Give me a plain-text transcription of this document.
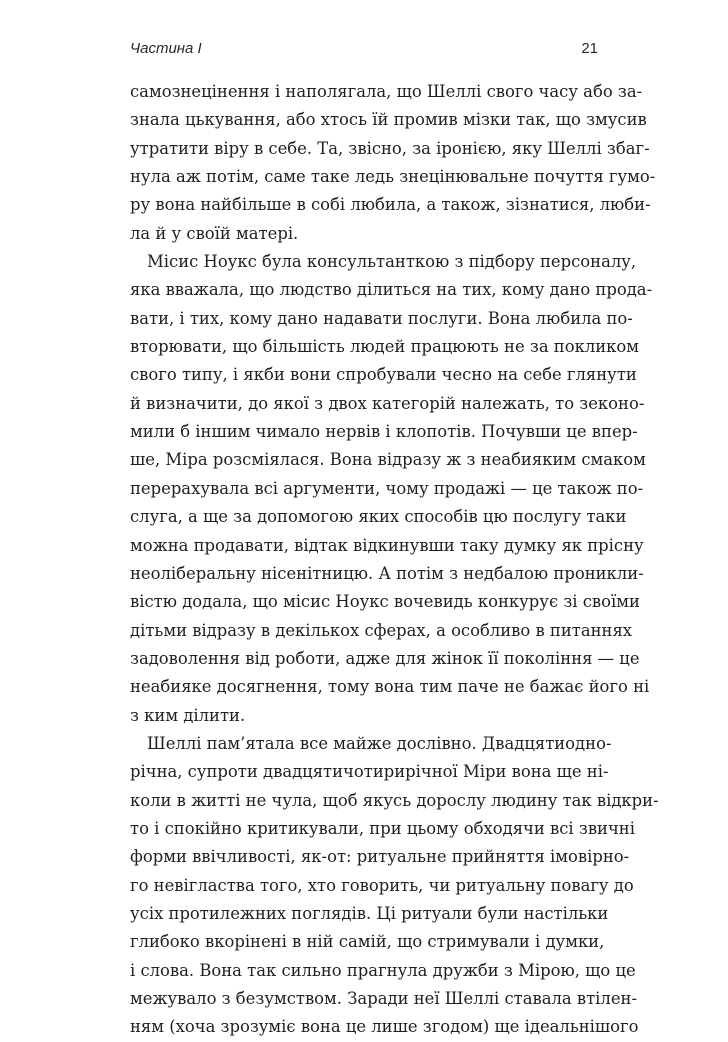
Частина І	21
самознецінення і наполягала, що Шеллі свого часу або за-
знала цькування, або хтось їй промив мізки так, що змусив
утратити віру в себе. Та, звісно, за іронією, яку Шеллі збаг-
нула аж потім, саме таке ледь знецінювальне почуття гумо-
ру вона найбільше в собі любила, а також, зізнатися, люби-
ла й у своїй матері.
Місис Ноукс була консультанткою з підбору персоналу,
яка вважала, що людство ділиться на тих, кому дано прода-
вати, і тих, кому дано надавати послуги. Вона любила по-
вторювати, що більшість людей працюють не за покликом
свого типу, і якби вони спробували чесно на себе глянути
й визначити, до якої з двох категорій належать, то зеконо-
мили б іншим чимало нервів і клопотів. Почувши це впер-
ше, Міра розсміялася. Вона відразу ж з неабияким смаком
перерахувала всі аргументи, чому продажі — це також по-
слуга, а ще за допомогою яких способів цю послугу таки
можна продавати, відтак відкинувши таку думку як прісну
неоліберальну нісенітницю. А потім з недбалою проникли-
вістю додала, що місис Ноукс вочевидь конкурує зі своїми
дітьми відразу в декількох сферах, а особливо в питаннях
задоволення від роботи, адже для жінок її покоління — це
неабияке досягнення, тому вона тим паче не бажає його ні
з ким ділити.
Шеллі пам’ятала все майже дослівно. Двадцятиодно-
річна, супроти двадцятичотирирічної Міри вона ще ні-
коли в житті не чула, щоб якусь дорослу людину так відкри-
то і спокійно критикували, при цьому обходячи всі звичні
форми ввічливості, як-от: ритуальне прийняття імовірно-
го невігластва того, хто говорить, чи ритуальну повагу до
усіх протилежних поглядів. Ці ритуали були настільки
глибоко вкорінені в ній самій, що стримували і думки,
і слова. Вона так сильно прагнула дружби з Мірою, що це
межувало з безумством. Заради неї Шеллі ставала втілен-
ням (хоча зрозуміє вона це лише згодом) ще ідеальнішого
